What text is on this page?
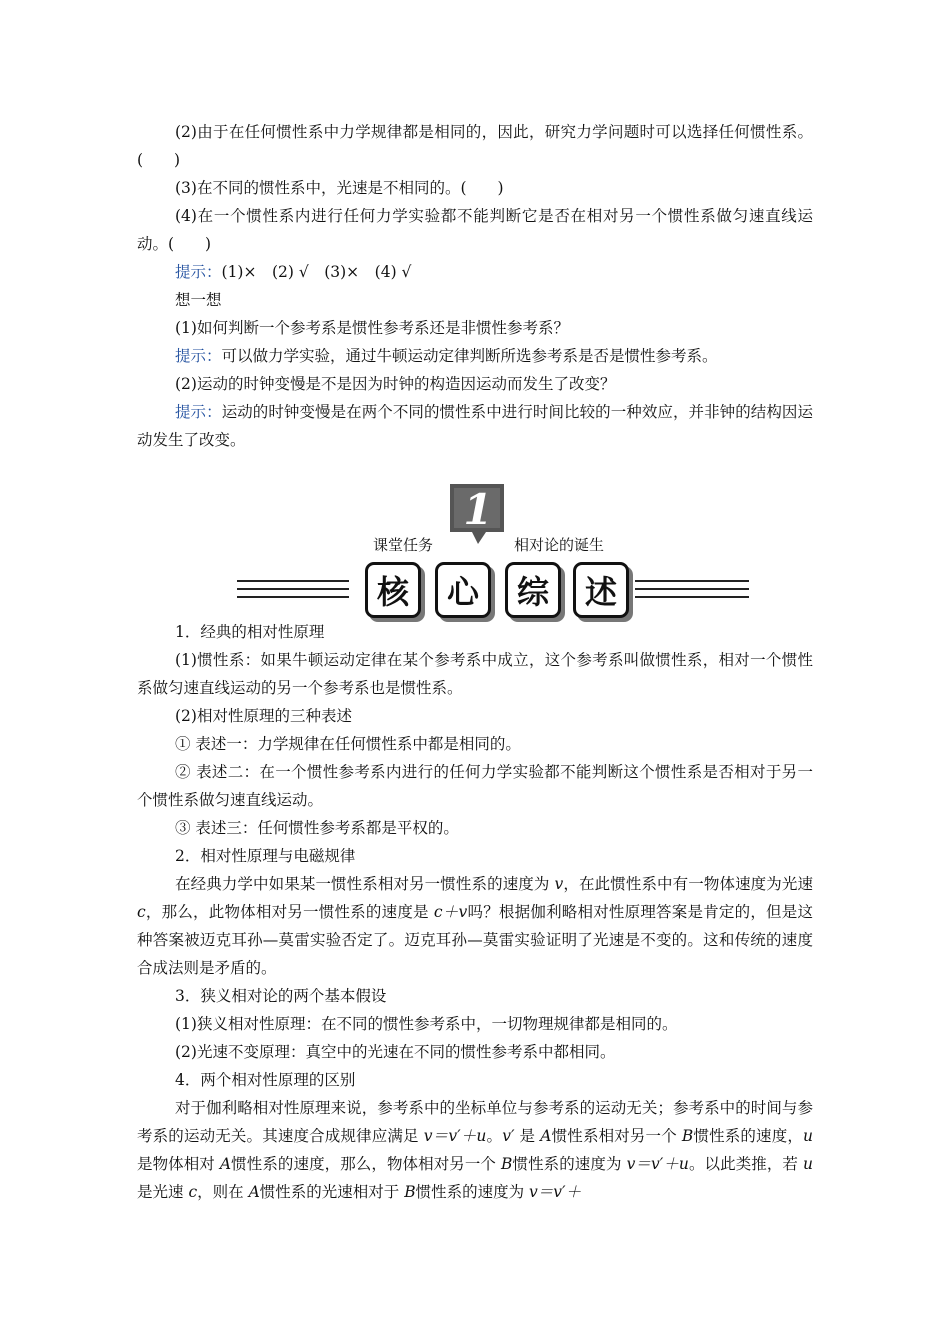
(2)由于在任何惯性系中力学规律都是相同的，因此，研究力学问题时可以选择任何惯性系。(　　)

(3)在不同的惯性系中，光速是不相同的。(　　)

(4)在一个惯性系内进行任何力学实验都不能判断它是否在相对另一个惯性系做匀速直线运动。(　　)

提示：(1)×　(2) √　(3)×　(4) √

想一想

(1)如何判断一个参考系是惯性参考系还是非惯性参考系？

提示：可以做力学实验，通过牛顿运动定律判断所选参考系是否是惯性参考系。

(2)运动的时钟变慢是不是因为时钟的构造因运动而发生了改变？

提示：运动的时钟变慢是在两个不同的惯性系中进行时间比较的一种效应，并非钟的结构因运动发生了改变。

1
课堂任务	相对论的诞生
核	心	综	述

1．经典的相对性原理

(1)惯性系：如果牛顿运动定律在某个参考系中成立，这个参考系叫做惯性系，相对一个惯性系做匀速直线运动的另一个参考系也是惯性系。

(2)相对性原理的三种表述

① 表述一：力学规律在任何惯性系中都是相同的。

② 表述二：在一个惯性参考系内进行的任何力学实验都不能判断这个惯性系是否相对于另一个惯性系做匀速直线运动。

③ 表述三：任何惯性参考系都是平权的。

2．相对性原理与电磁规律

在经典力学中如果某一惯性系相对另一惯性系的速度为 v，在此惯性系中有一物体速度为光速 c，那么，此物体相对另一惯性系的速度是 c＋v吗？根据伽利略相对性原理答案是肯定的，但是这种答案被迈克耳孙—莫雷实验否定了。迈克耳孙—莫雷实验证明了光速是不变的。这和传统的速度合成法则是矛盾的。

3．狭义相对论的两个基本假设

(1)狭义相对性原理：在不同的惯性参考系中，一切物理规律都是相同的。

(2)光速不变原理：真空中的光速在不同的惯性参考系中都相同。

4．两个相对性原理的区别

对于伽利略相对性原理来说，参考系中的坐标单位与参考系的运动无关；参考系中的时间与参考系的运动无关。其速度合成规律应满足 v＝v′＋u。v′ 是 A惯性系相对另一个 B惯性系的速度，u是物体相对 A惯性系的速度，那么，物体相对另一个 B惯性系的速度为 v＝v′＋u。以此类推，若 u是光速 c，则在 A惯性系的光速相对于 B惯性系的速度为 v＝v′＋
